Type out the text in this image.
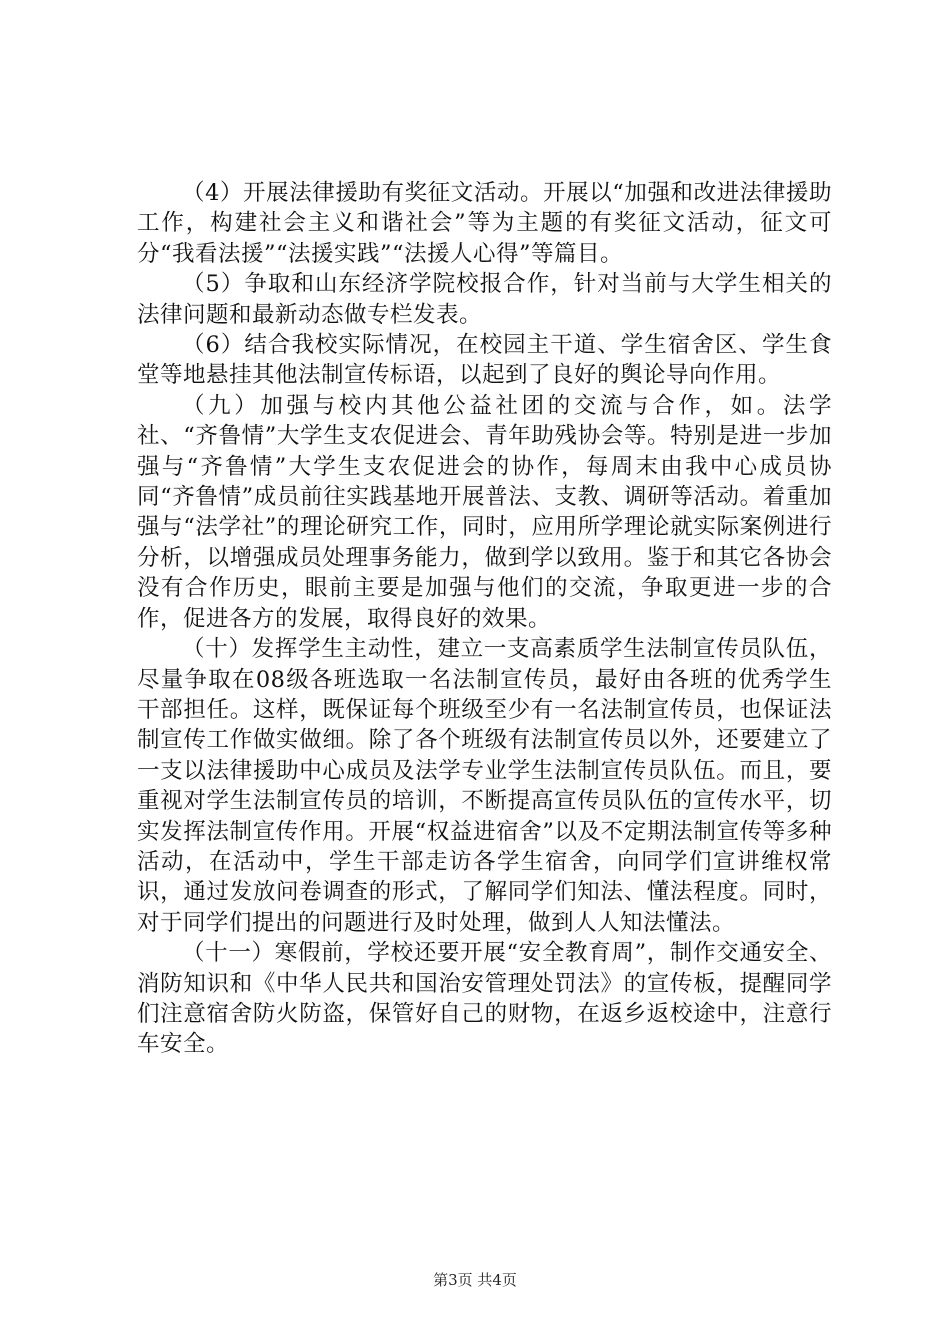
（4）开展法律援助有奖征文活动。开展以“加强和改进法律援助工作，构建社会主义和谐社会”等为主题的有奖征文活动，征文可分“我看法援”“法援实践”“法援人心得”等篇目。

（5）争取和山东经济学院校报合作，针对当前与大学生相关的法律问题和最新动态做专栏发表。

（6）结合我校实际情况，在校园主干道、学生宿舍区、学生食堂等地悬挂其他法制宣传标语，以起到了良好的舆论导向作用。

（九）加强与校内其他公益社团的交流与合作，如。法学社、“齐鲁情”大学生支农促进会、青年助残协会等。特别是进一步加强与“齐鲁情”大学生支农促进会的协作，每周末由我中心成员协同“齐鲁情”成员前往实践基地开展普法、支教、调研等活动。着重加强与“法学社”的理论研究工作，同时，应用所学理论就实际案例进行分析，以增强成员处理事务能力，做到学以致用。鉴于和其它各协会没有合作历史，眼前主要是加强与他们的交流，争取更进一步的合作，促进各方的发展，取得良好的效果。

（十）发挥学生主动性，建立一支高素质学生法制宣传员队伍，尽量争取在08级各班选取一名法制宣传员，最好由各班的优秀学生干部担任。这样，既保证每个班级至少有一名法制宣传员，也保证法制宣传工作做实做细。除了各个班级有法制宣传员以外，还要建立了一支以法律援助中心成员及法学专业学生法制宣传员队伍。而且，要重视对学生法制宣传员的培训，不断提高宣传员队伍的宣传水平，切实发挥法制宣传作用。开展“权益进宿舍”以及不定期法制宣传等多种活动，在活动中，学生干部走访各学生宿舍，向同学们宣讲维权常识，通过发放问卷调查的形式，了解同学们知法、懂法程度。同时，对于同学们提出的问题进行及时处理，做到人人知法懂法。

（十一）寒假前，学校还要开展“安全教育周”，制作交通安全、消防知识和《中华人民共和国治安管理处罚法》的宣传板，提醒同学们注意宿舍防火防盗，保管好自己的财物，在返乡返校途中，注意行车安全。

第3页 共4页
